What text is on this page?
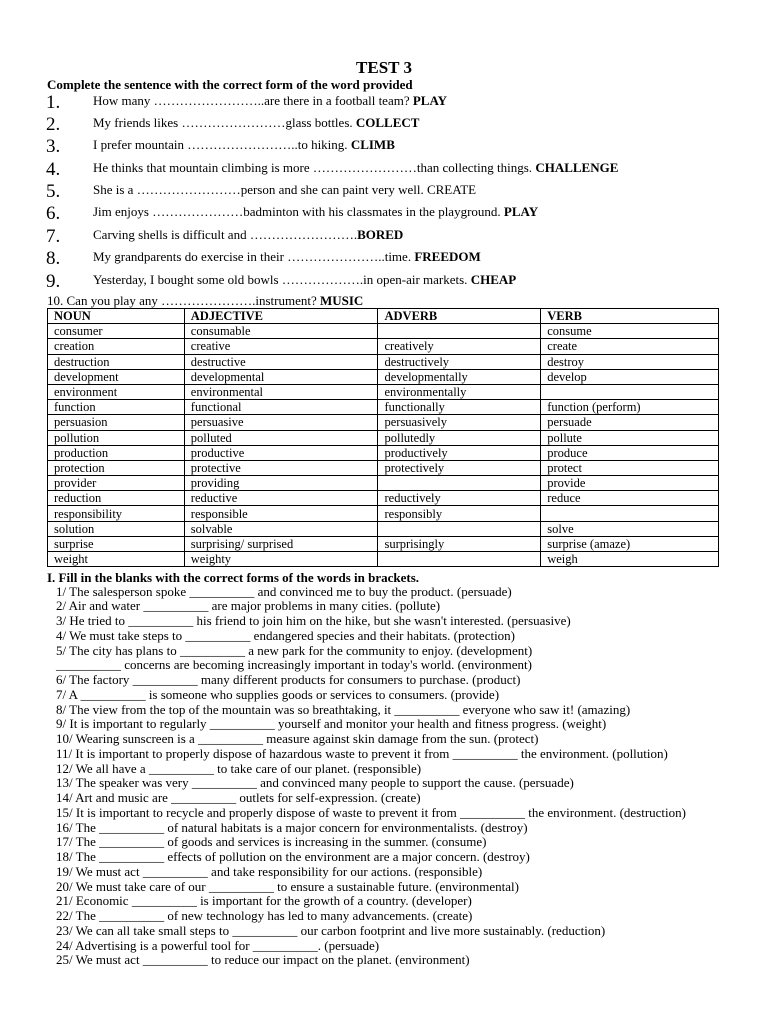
TEST 3
Complete the sentence with the correct form of the word provided
1.	How many ……………………..are there in a football team? PLAY
2.	My friends likes ……………………glass bottles. COLLECT
3.	I prefer mountain ……………………..to hiking. CLIMB
4.	He thinks that mountain climbing is more ……………………than collecting things. CHALLENGE
5.	She is a ……………………person and she can paint very well. CREATE
6.	Jim enjoys …………………badminton with his classmates in the playground. PLAY
7.	Carving shells is difficult and …………………….BORED
8.	My grandparents do exercise in their …………………..time. FREEDOM
9.	Yesterday, I bought some old bowls ……………….in open-air markets. CHEAP
10. Can you play any ………………….instrument? MUSIC
NOUN	ADJECTIVE	ADVERB	VERB
consumer	consumable		consume
creation	creative	creatively	create
destruction	destructive	destructively	destroy
development	developmental	developmentally	develop
environment	environmental	environmentally	
function	functional	functionally	function (perform)
persuasion	persuasive	persuasively	persuade
pollution	polluted	pollutedly	pollute
production	productive	productively	produce
protection	protective	protectively	protect
provider	providing		provide
reduction	reductive	reductively	reduce
responsibility	responsible	responsibly	
solution	solvable		solve
surprise	surprising/ surprised	surprisingly	surprise (amaze)
weight	weighty		weigh
I. Fill in the blanks with the correct forms of the words in brackets.
1/ The salesperson spoke __________ and convinced me to buy the product. (persuade)
2/ Air and water __________ are major problems in many cities. (pollute)
3/ He tried to __________ his friend to join him on the hike, but she wasn't interested. (persuasive)
4/ We must take steps to __________ endangered species and their habitats. (protection)
5/ The city has plans to __________ a new park for the community to enjoy. (development)
__________ concerns are becoming increasingly important in today's world. (environment)
6/ The factory __________ many different products for consumers to purchase. (product)
7/ A __________ is someone who supplies goods or services to consumers. (provide)
8/ The view from the top of the mountain was so breathtaking, it __________ everyone who saw it! (amazing)
9/ It is important to regularly __________ yourself and monitor your health and fitness progress. (weight)
10/ Wearing sunscreen is a __________ measure against skin damage from the sun. (protect)
11/ It is important to properly dispose of hazardous waste to prevent it from __________ the environment. (pollution)
12/ We all have a __________ to take care of our planet. (responsible)
13/ The speaker was very __________ and convinced many people to support the cause. (persuade)
14/ Art and music are __________ outlets for self-expression. (create)
15/ It is important to recycle and properly dispose of waste to prevent it from __________ the environment. (destruction)
16/ The __________ of natural habitats is a major concern for environmentalists. (destroy)
17/ The __________ of goods and services is increasing in the summer. (consume)
18/ The __________ effects of pollution on the environment are a major concern. (destroy)
19/ We must act __________ and take responsibility for our actions. (responsible)
20/ We must take care of our __________ to ensure a sustainable future. (environmental)
21/ Economic __________ is important for the growth of a country. (developer)
22/ The __________ of new technology has led to many advancements. (create)
23/ We can all take small steps to __________ our carbon footprint and live more sustainably. (reduction)
24/ Advertising is a powerful tool for __________. (persuade)
25/ We must act __________ to reduce our impact on the planet. (environment)
